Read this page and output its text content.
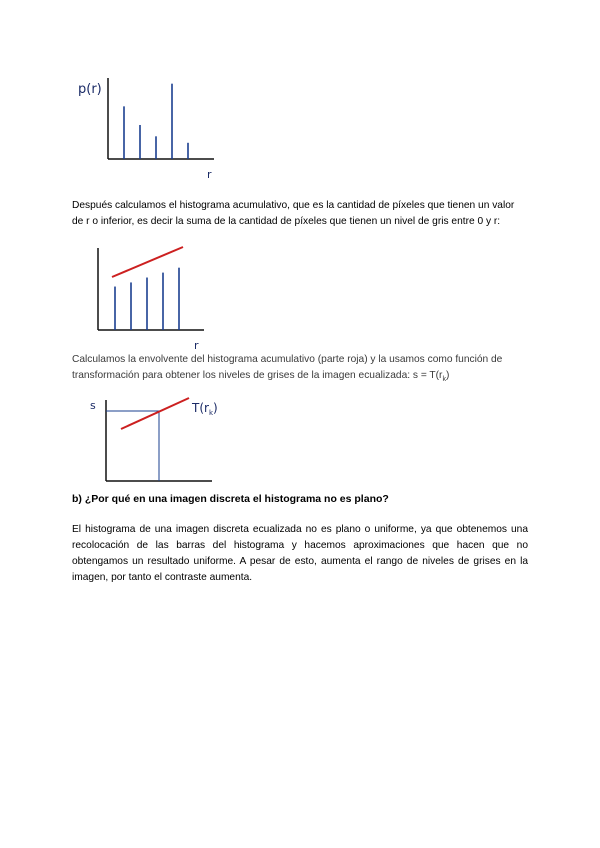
p(r)
r

Después calculamos el histograma acumulativo, que es la cantidad de píxeles que tienen un valor de r o inferior, es decir la suma de la cantidad de píxeles que tienen un nivel de gris entre 0 y r:

r

Calculamos la envolvente del histograma acumulativo (parte roja) y la usamos como función de transformación para obtener los niveles de grises de la imagen ecualizada: $s = T(r_k)$

s	$T(r_k)$

b) ¿Por qué en una imagen discreta el histograma no es plano?

El histograma de una imagen discreta ecualizada no es plano o uniforme, ya que obtenemos una recolocación de las barras del histograma y hacemos aproximaciones que hacen que no obtengamos un resultado uniforme. A pesar de esto, aumenta el rango de niveles de grises en la imagen, por tanto el contraste aumenta.
